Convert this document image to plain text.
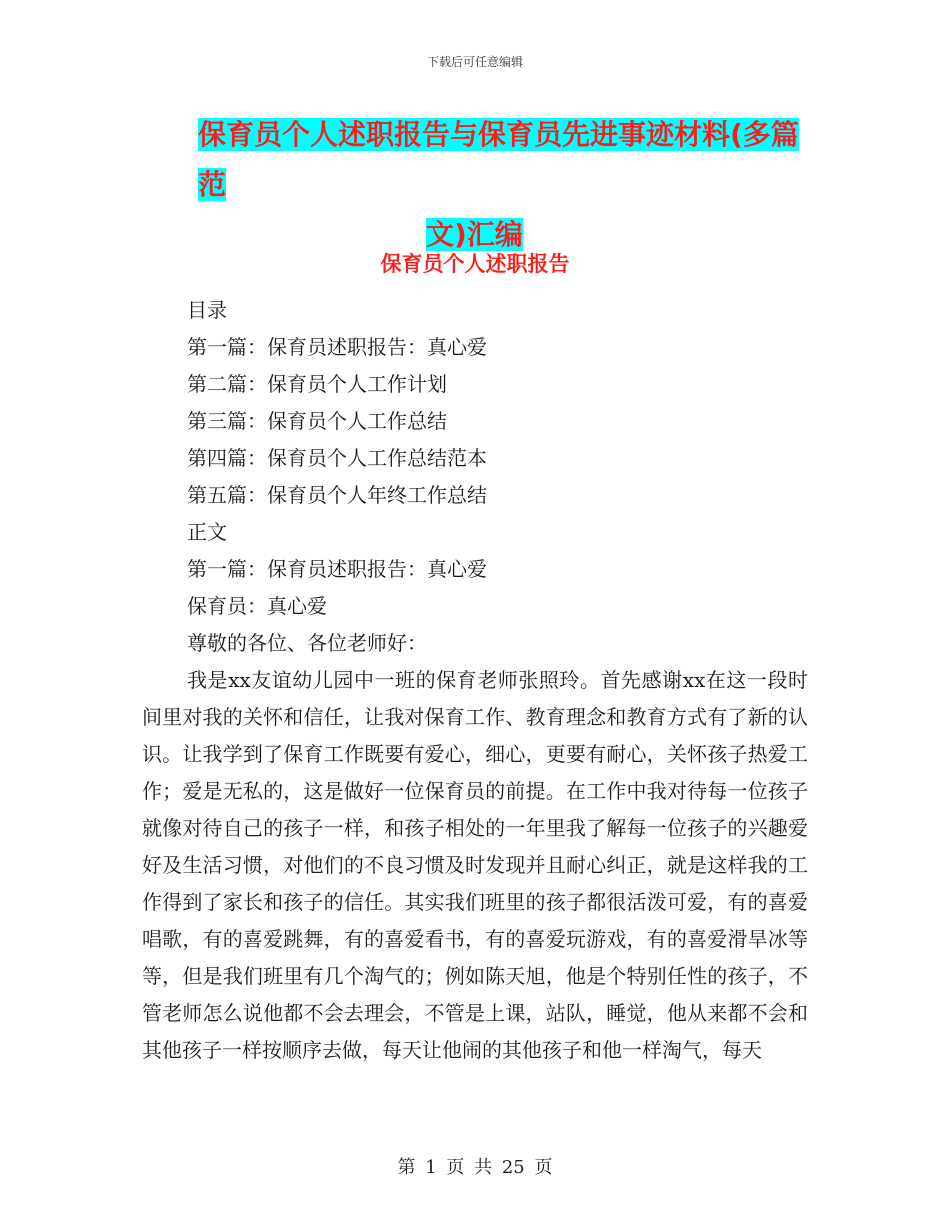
下载后可任意编辑
保育员个人述职报告与保育员先进事迹材料(多篇范
文)汇编
保育员个人述职报告
目录
第一篇：保育员述职报告：真心爱
第二篇：保育员个人工作计划
第三篇：保育员个人工作总结
第四篇：保育员个人工作总结范本
第五篇：保育员个人年终工作总结
正文
第一篇：保育员述职报告：真心爱
保育员：真心爱
尊敬的各位、各位老师好：

我是xx友谊幼儿园中一班的保育老师张照玲。首先感谢xx在这一段时间里对我的关怀和信任，让我对保育工作、教育理念和教育方式有了新的认识。让我学到了保育工作既要有爱心，细心，更要有耐心，关怀孩子热爱工作；爱是无私的，这是做好一位保育员的前提。在工作中我对待每一位孩子就像对待自己的孩子一样，和孩子相处的一年里我了解每一位孩子的兴趣爱好及生活习惯，对他们的不良习惯及时发现并且耐心纠正，就是这样我的工作得到了家长和孩子的信任。其实我们班里的孩子都很活泼可爱，有的喜爱唱歌，有的喜爱跳舞，有的喜爱看书，有的喜爱玩游戏，有的喜爱滑旱冰等等，但是我们班里有几个淘气的；例如陈天旭，他是个特别任性的孩子，不管老师怎么说他都不会去理会，不管是上课，站队，睡觉，他从来都不会和其他孩子一样按顺序去做，每天让他闹的其他孩子和他一样淘气，每天

第 1 页 共 25 页
